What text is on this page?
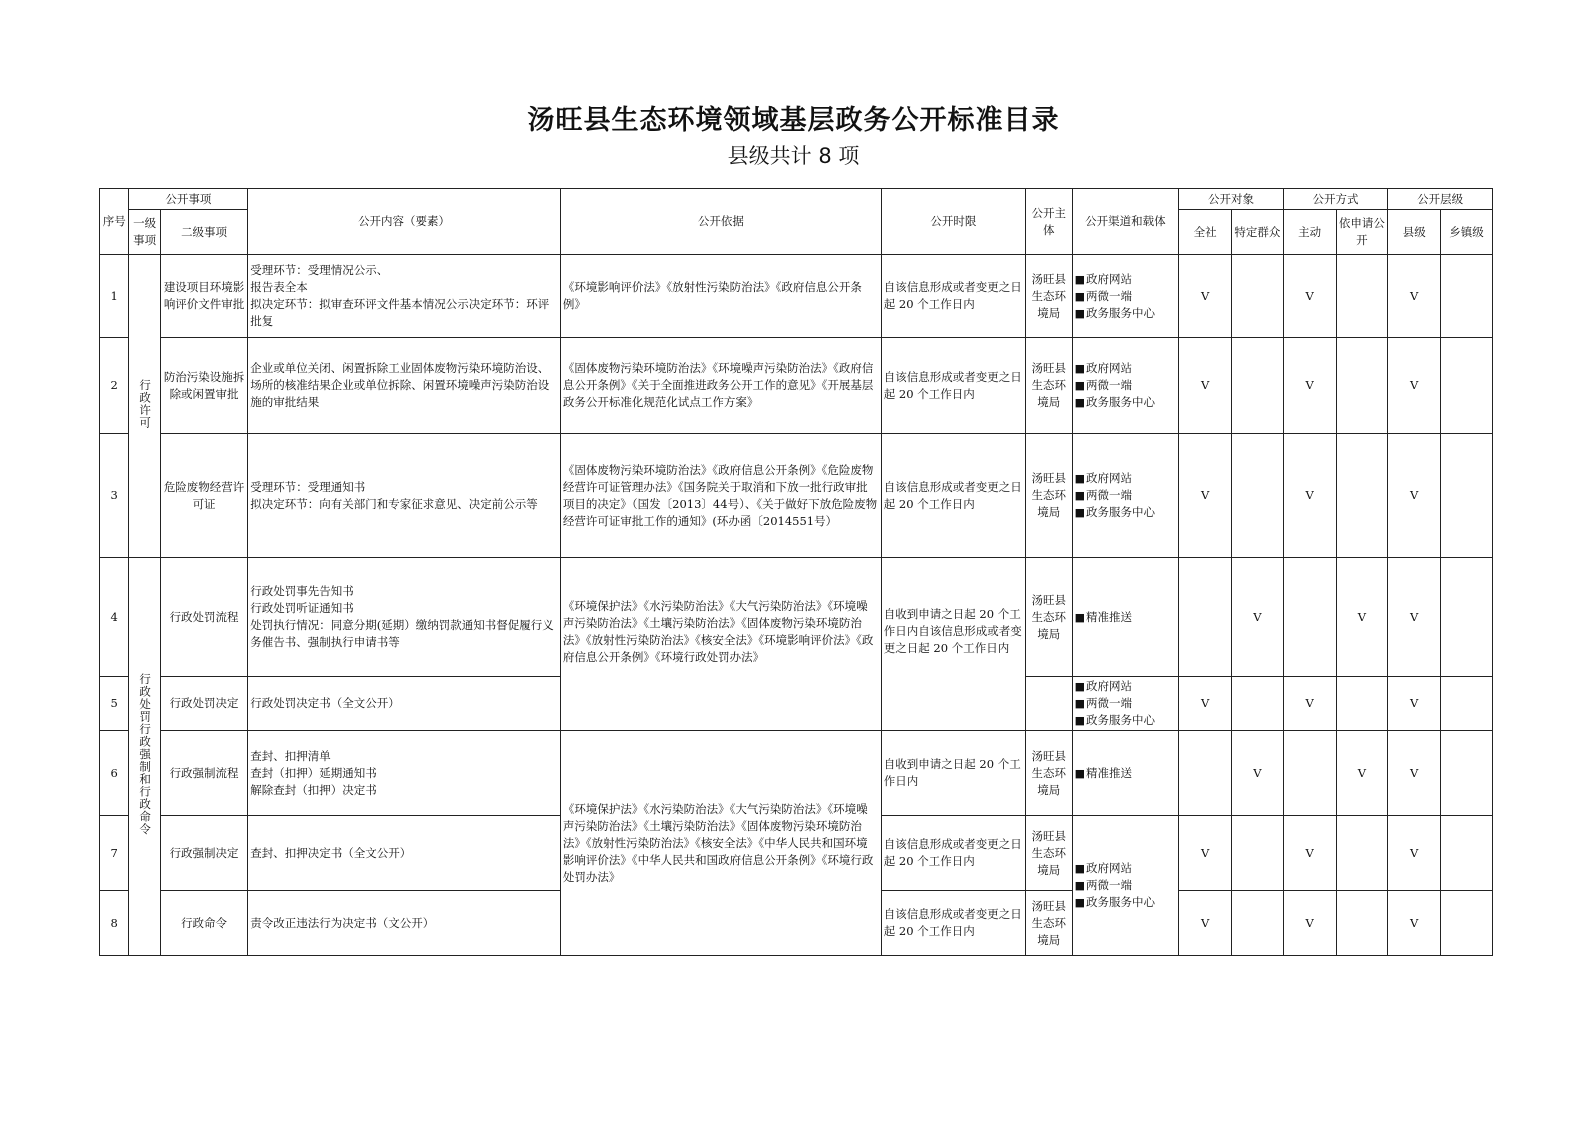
汤旺县生态环境领域基层政务公开标准目录
县级共计 8 项
序号	公开事项		公开内容（要素）	公开依据	公开时限	公开主体	公开渠道和载体	公开对象		公开方式		公开层级	
	一级事项	二级事项						全社	特定群众	主动	依申请公开	县级	乡镇级
1	行政许可	建设项目环境影响评价文件审批	受理环节：受理情况公示、
报告表全本
拟决定环节：拟审查环评文件基本情况公示决定环节：环评批复	《环境影响评价法》《放射性污染防治法》《政府信息公开条例》	自该信息形成或者变更之日起 20 个工作日内	汤旺县生态环境局	■ 政府网站
■ 两微一端
■ 政务服务中心	V		V		V	
2		防治污染设施拆除或闲置审批	企业或单位关闭、闲置拆除工业固体废物污染环境防治设、场所的核准结果企业或单位拆除、闲置环境噪声污染防治设施的审批结果	《固体废物污染环境防治法》《环境噪声污染防治法》《政府信息公开条例》《关于全面推进政务公开工作的意见》《开展基层政务公开标准化规范化试点工作方案》	自该信息形成或者变更之日起 20 个工作日内	汤旺县生态环境局	■ 政府网站
■ 两微一端
■ 政务服务中心	V		V		V	
3		危险废物经营许可证	受理环节：受理通知书
拟决定环节：向有关部门和专家征求意见、决定前公示等	《固体废物污染环境防治法》《政府信息公开条例》《危险废物经营许可证管理办法》《国务院关于取消和下放一批行政审批项目的决定》（国发〔2013〕44号）、《关于做好下放危险废物经营许可证审批工作的通知》(环办函〔2014551号）	自该信息形成或者变更之日起 20 个工作日内	汤旺县生态环境局	■ 政府网站
■ 两微一端
■ 政务服务中心	V		V		V	
4	行政处罚行政强制和行政命令	行政处罚流程	行政处罚事先告知书
行政处罚听证通知书
处罚执行情况：同意分期(延期）缴纳罚款通知书督促履行义务催告书、强制执行申请书等	《环境保护法》《水污染防治法》《大气污染防治法》《环境噪声污染防治法》《土壤污染防治法》《固体废物污染环境防治法》《放射性污染防治法》《核安全法》《环境影响评价法》《政府信息公开条例》《环境行政处罚办法》	自收到申请之日起 20 个工作日内自该信息形成或者变更之日起 20 个工作日内	汤旺县生态环境局	■ 精准推送		V		V	V	
5		行政处罚决定	行政处罚决定书（全文公开）				■ 政府网站
■ 两微一端
■ 政务服务中心	V		V		V	
6		行政强制流程	查封、扣押清单
查封（扣押）延期通知书
解除查封（扣押）决定书	《环境保护法》《水污染防治法》《大气污染防治法》《环境噪声污染防治法》《土壤污染防治法》《固体废物污染环境防治法》《放射性污染防治法》《核安全法》《中华人民共和国环境影响评价法》《中华人民共和国政府信息公开条例》《环境行政处罚办法》	自收到申请之日起 20 个工作日内	汤旺县生态环境局	■ 精准推送		V		V	V	
7		行政强制决定	查封、扣押决定书（全文公开）		自该信息形成或者变更之日起 20 个工作日内	汤旺县生态环境局	■ 政府网站
■ 两微一端
■ 政务服务中心	V		V		V	
8		行政命令	责令改正违法行为决定书（文公开）		自该信息形成或者变更之日起 20 个工作日内	汤旺县生态环境局		V		V		V	
